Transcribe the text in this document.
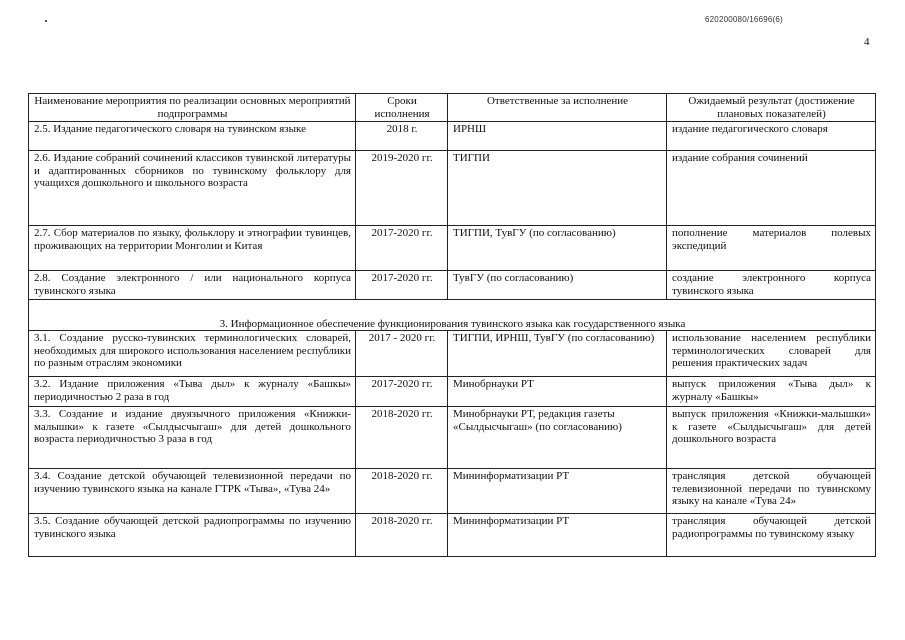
620200080/16696(6)
4
Наименование мероприятия по реализации основных мероприятий подпрограммы	Сроки исполнения	Ответственные за исполнение	Ожидаемый результат (достижение плановых показателей)
2.5. Издание педагогического словаря на тувинском языке	2018 г.	ИРНШ	издание педагогического словаря
2.6. Издание собраний сочинений классиков тувинской литературы и адаптированных сборников по тувинскому фольклору для учащихся дошкольного и школьного возраста	2019-2020 гг.	ТИГПИ	издание собрания сочинений
2.7. Сбор материалов по языку, фольклору и этнографии тувинцев, проживающих на территории Монголии и Китая	2017-2020 гг.	ТИГПИ, ТувГУ (по согласованию)	пополнение материалов полевых экспедиций
2.8. Создание электронного / или национального корпуса тувинского языка	2017-2020 гг.	ТувГУ (по согласованию)	создание электронного корпуса тувинского языка
3. Информационное обеспечение функционирования тувинского языка как государственного языка			
3.1. Создание русско-тувинских терминологических словарей, необходимых для широкого использования населением республики по разным отраслям экономики	2017 - 2020 гг.	ТИГПИ, ИРНШ, ТувГУ (по согласованию)	использование населением республики терминологических словарей для решения практических задач
3.2. Издание приложения «Тыва дыл» к журналу «Башкы» периодичностью 2 раза в год	2017-2020 гг.	Минобрнауки РТ	выпуск приложения «Тыва дыл» к журналу «Башкы»
3.3. Создание и издание двуязычного приложения «Книжки-малышки» к газете «Сылдысчыгаш» для детей дошкольного возраста периодичностью 3 раза в год	2018-2020 гг.	Минобрнауки РТ, редакция газеты «Сылдысчыгаш» (по согласованию)	выпуск приложения «Книжки-малышки» к газете «Сылдысчыгаш» для детей дошкольного возраста
3.4. Создание детской обучающей телевизионной передачи по изучению тувинского языка на канале ГТРК «Тыва», «Тува 24»	2018-2020 гг.	Мининформатизации РТ	трансляция детской обучающей телевизионной передачи по тувинскому языку на канале «Тува 24»
3.5. Создание обучающей детской радиопрограммы по изучению тувинского языка	2018-2020 гг.	Мининформатизации РТ	трансляция обучающей детской радиопрограммы по тувинскому языку
